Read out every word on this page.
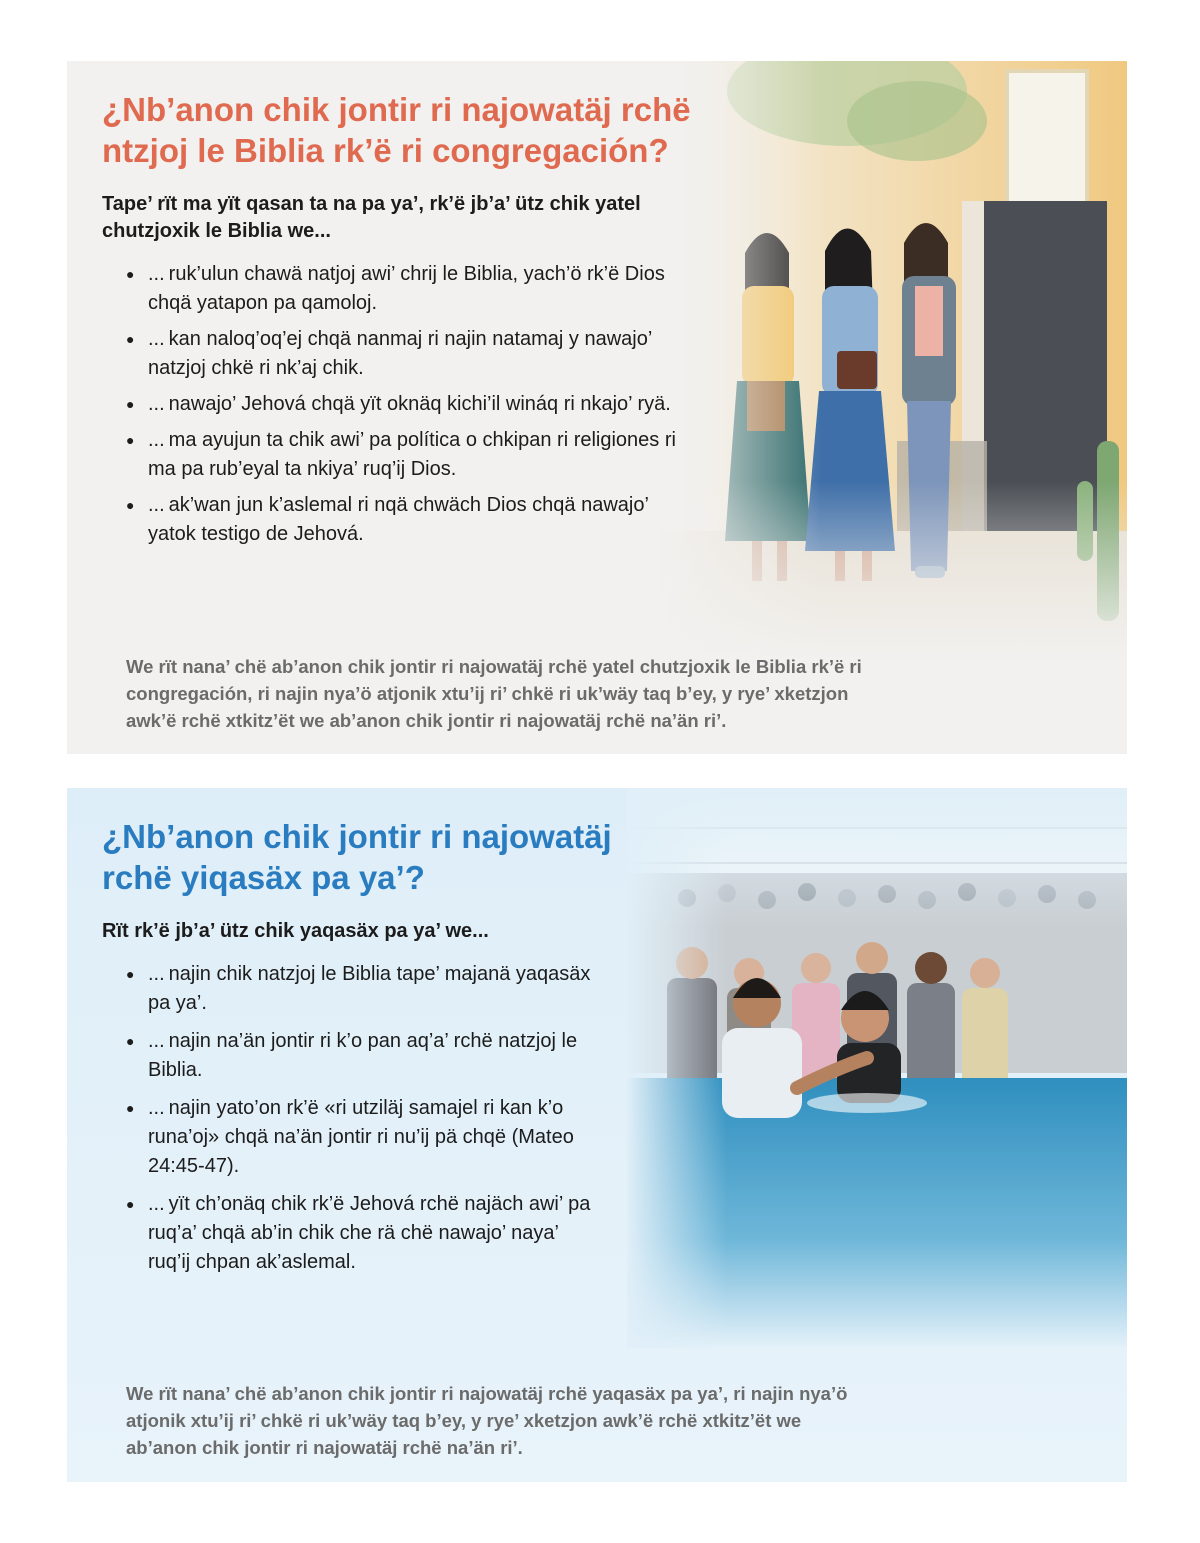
¿Nb’anon chik jontir ri najowatäj rchë ntzjoj le Biblia rk’ë ri congregación?

Tape’ rït ma yït qasan ta na pa ya’, rk’ë jb’a’ ütz chik yatel chutzjoxik le Biblia we...

● ... ruk’ulun chawä natjoj awi’ chrij le Biblia, yach’ö rk’ë Dios chqä yatapon pa qamoloj.
● ... kan naloq’oq’ej chqä nanmaj ri najin natamaj y nawajo’ natzjoj chkë ri nk’aj chik.
● ... nawajo’ Jehová chqä yït oknäq kichi’il wináq ri nkajo’ ryä.
● ... ma ayujun ta chik awi’ pa política o chkipan ri religiones ri ma pa rub’eyal ta nkiya’ ruq’ij Dios.
● ... ak’wan jun k’aslemal ri nqä chwäch Dios chqä nawajo’ yatok testigo de Jehová.

We rït nana’ chë ab’anon chik jontir ri najowatäj rchë yatel chutzjoxik le Biblia rk’ë ri congregación, ri najin nya’ö atjonik xtu’ij ri’ chkë ri uk’wäy taq b’ey, y rye’ xketzjon awk’ë rchë xtkitz’ët we ab’anon chik jontir ri najowatäj rchë na’än ri’.

¿Nb’anon chik jontir ri najowatäj rchë yiqasäx pa ya’?

Rït rk’ë jb’a’ ütz chik yaqasäx pa ya’ we...

● ... najin chik natzjoj le Biblia tape’ majanä yaqasäx pa ya’.
● ... najin na’än jontir ri k’o pan aq’a’ rchë natzjoj le Biblia.
● ... najin yato’on rk’ë «ri utziläj samajel ri kan k’o runa’oj» chqä na’än jontir ri nu’ij pä chqë (Mateo 24:45-47).
● ... yït ch’onäq chik rk’ë Jehová rchë najäch awi’ pa ruq’a’ chqä ab’in chik che rä chë nawajo’ naya’ ruq’ij chpan ak’aslemal.

We rït nana’ chë ab’anon chik jontir ri najowatäj rchë yaqasäx pa ya’, ri najin nya’ö atjonik xtu’ij ri’ chkë ri uk’wäy taq b’ey, y rye’ xketzjon awk’ë rchë xtkitz’ët we ab’anon chik jontir ri najowatäj rchë na’än ri’.
